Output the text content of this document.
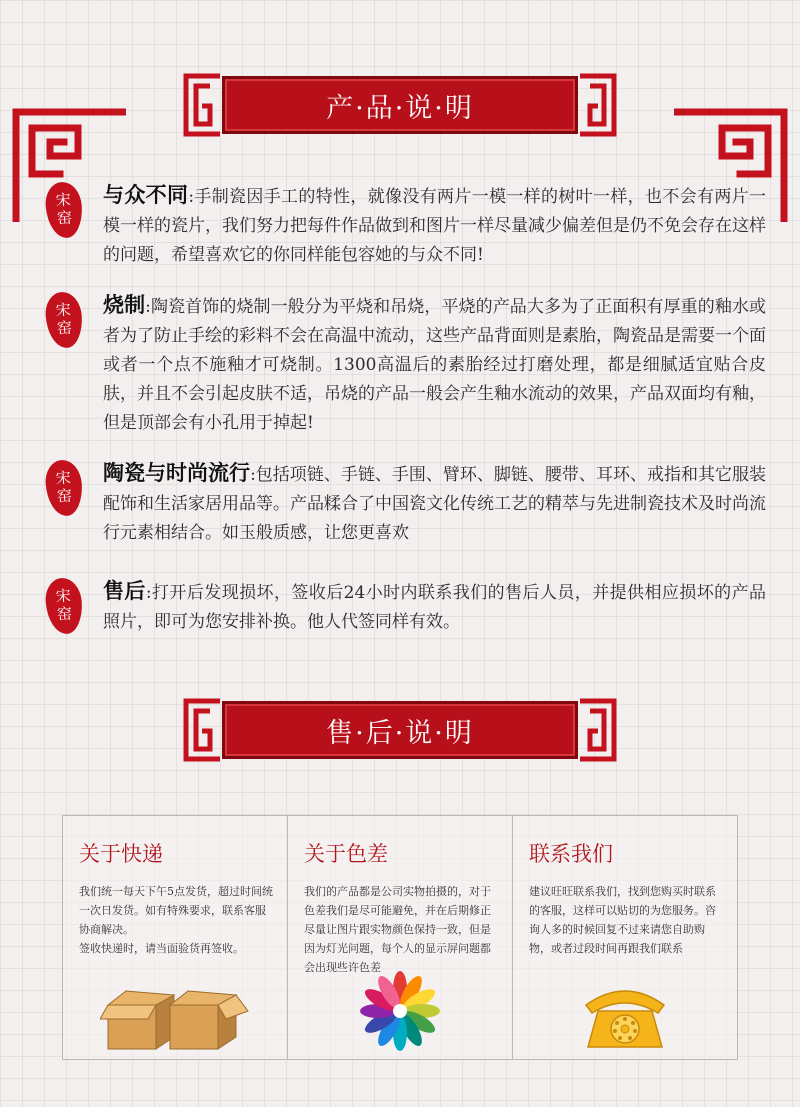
产·品·说·明
宋
窑

与众不同:手制瓷因手工的特性，就像没有两片一模一样的树叶一样，也不会有两片一模一样的瓷片，我们努力把每件作品做到和图片一样尽量减少偏差但是仍不免会存在这样的问题，希望喜欢它的你同样能包容她的与众不同!

宋
窑

烧制:陶瓷首饰的烧制一般分为平烧和吊烧，平烧的产品大多为了正面积有厚重的釉水或者为了防止手绘的彩料不会在高温中流动，这些产品背面则是素胎，陶瓷品是需要一个面或者一个点不施釉才可烧制。1300高温后的素胎经过打磨处理，都是细腻适宜贴合皮肤，并且不会引起皮肤不适，吊烧的产品一般会产生釉水流动的效果，产品双面均有釉，但是顶部会有小孔用于掉起!

宋
窑

陶瓷与时尚流行:包括项链、手链、手围、臂环、脚链、腰带、耳环、戒指和其它服装配饰和生活家居用品等。产品糅合了中国瓷文化传统工艺的精萃与先进制瓷技术及时尚流行元素相结合。如玉般质感，让您更喜欢

宋
窑

售后:打开后发现损坏，签收后24小时内联系我们的售后人员，并提供相应损坏的产品照片，即可为您安排补换。他人代签同样有效。

售·后·说·明
关于快递

我们统一每天下午5点发货，超过时间统一次日发货。如有特殊要求，联系客服协商解决。

签收快递时，请当面验货再签收。

关于色差

我们的产品都是公司实物拍摄的，对于色差我们是尽可能避免，并在后期修正尽量让图片跟实物颜色保持一致，但是因为灯光问题，每个人的显示屏问题都会出现些许色差

联系我们

建议旺旺联系我们，找到您购买时联系的客服，这样可以贴切的为您服务。咨询人多的时候回复不过来请您自助购物，或者过段时间再跟我们联系
